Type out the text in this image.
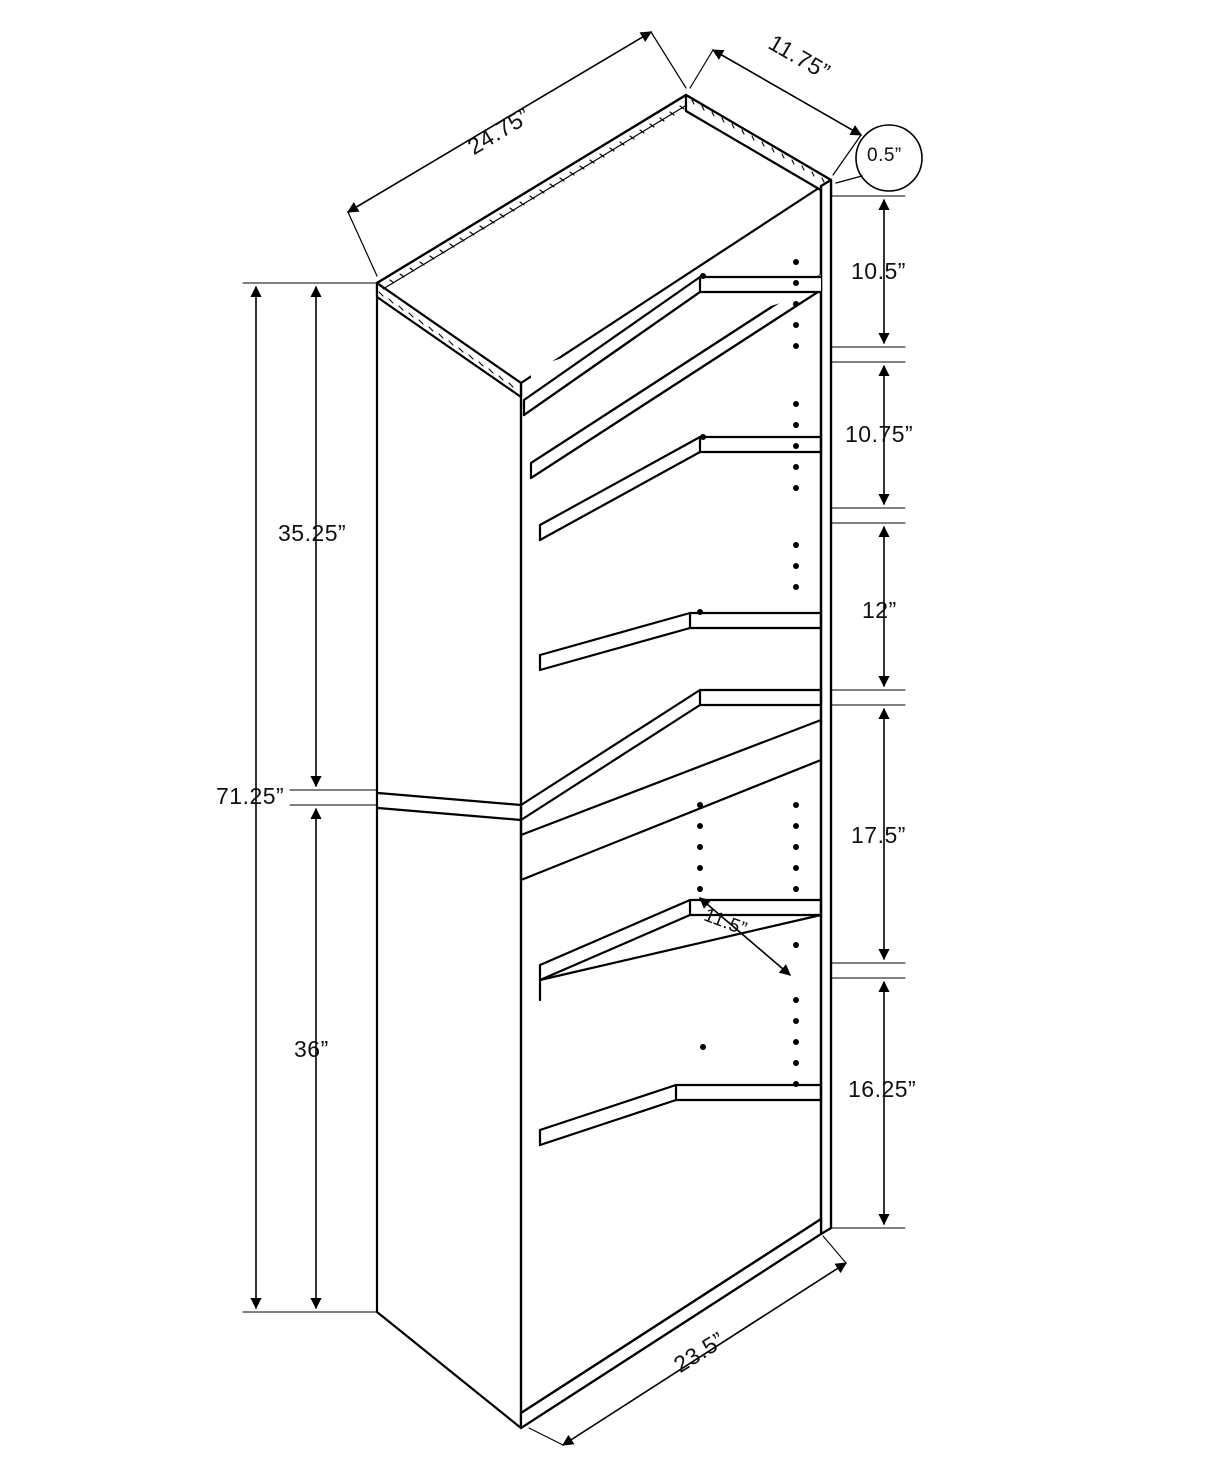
24.75”
11.75”
0.5”
10.5”
10.75”
12”
17.5”
16.25”
35.25”
71.25”
36”
11.5”
23.5”
